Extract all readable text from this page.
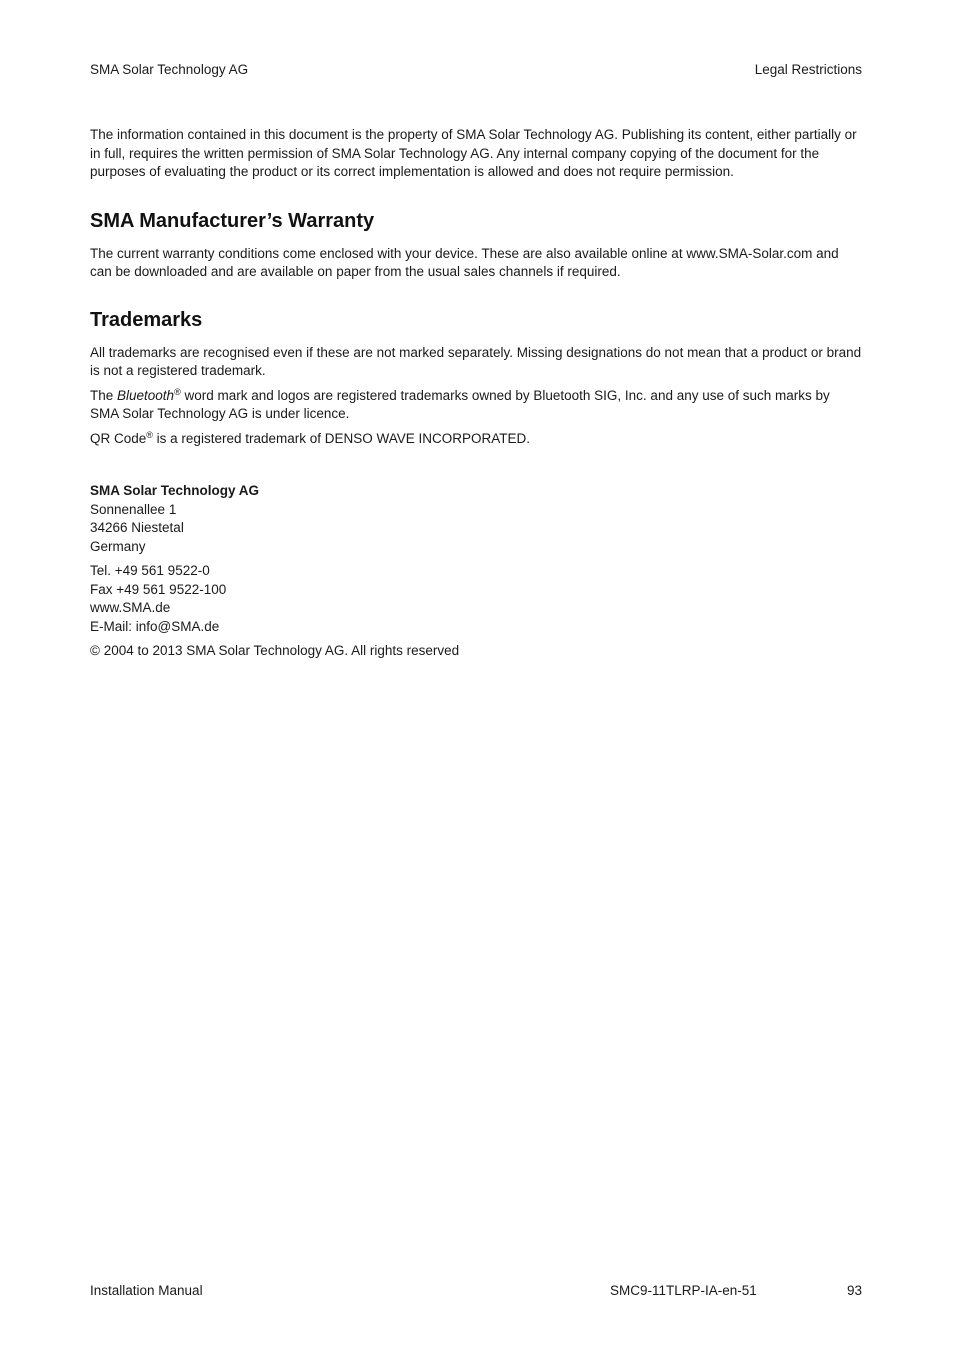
SMA Solar Technology AG	Legal Restrictions

The information contained in this document is the property of SMA Solar Technology AG. Publishing its content, either partially or in full, requires the written permission of SMA Solar Technology AG. Any internal company copying of the document for the purposes of evaluating the product or its correct implementation is allowed and does not require permission.

SMA Manufacturer’s Warranty

The current warranty conditions come enclosed with your device. These are also available online at www.SMA-Solar.com and can be downloaded and are available on paper from the usual sales channels if required.

Trademarks

All trademarks are recognised even if these are not marked separately. Missing designations do not mean that a product or brand is not a registered trademark.

The Bluetooth® word mark and logos are registered trademarks owned by Bluetooth SIG, Inc. and any use of such marks by SMA Solar Technology AG is under licence.

QR Code® is a registered trademark of DENSO WAVE INCORPORATED.

SMA Solar Technology AG
Sonnenallee 1
34266 Niestetal
Germany
Tel. +49 561 9522-0
Fax +49 561 9522-100
www.SMA.de
E-Mail: info@SMA.de
© 2004 to 2013 SMA Solar Technology AG. All rights reserved
Installation Manual	SMC9-11TLRP-IA-en-51	93
